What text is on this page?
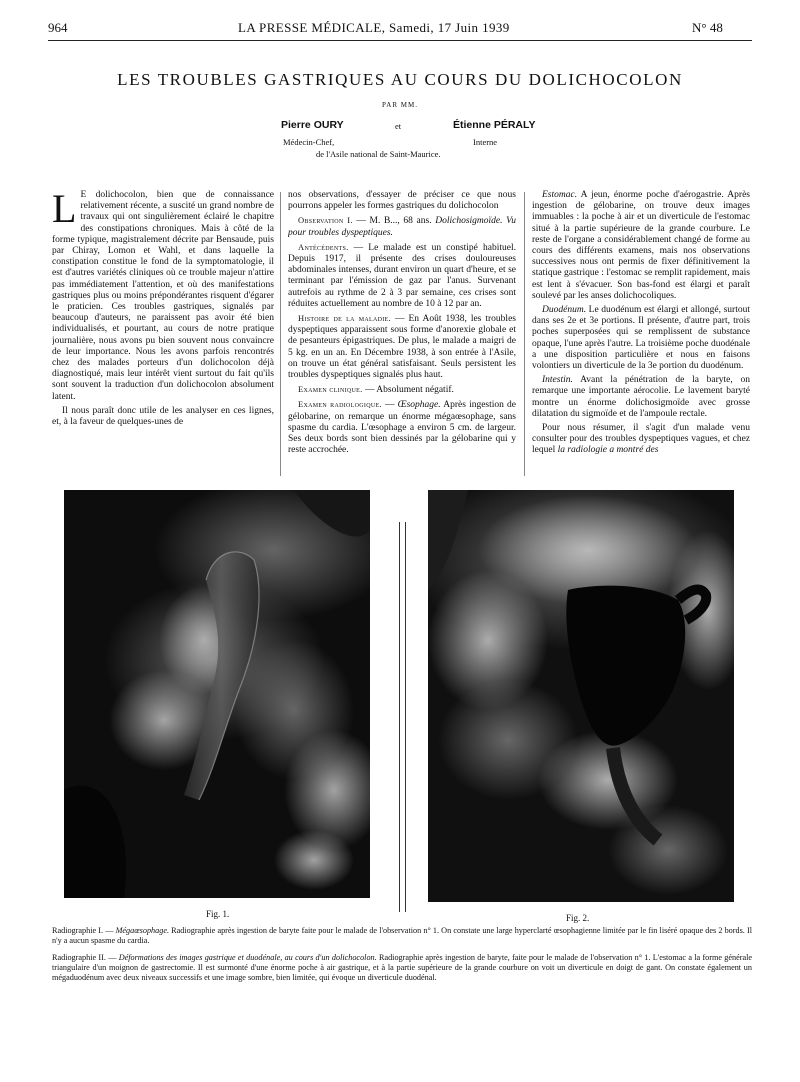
964	LA PRESSE MÉDICALE, Samedi, 17 Juin 1939	N° 48
LES TROUBLES GASTRIQUES AU COURS DU DOLICHOCOLON
PAR MM.
Pierre OURY	et	Étienne PÉRALY
Médecin-Chef,	Interne
de l'Asile national de Saint-Maurice.

L E dolichocolon, bien que de connaissance relativement récente, a suscité un grand nombre de travaux qui ont singulièrement éclairé le chapitre des constipations chroniques. Mais à côté de la forme typique, magistralement décrite par Bensaude, puis par Chiray, Lomon et Wahl, et dans laquelle la constipation constitue le fond de la symptomatologie, il est d'autres variétés cliniques où ce trouble majeur n'attire pas immédiatement l'attention, et où des manifestations gastriques plus ou moins prépondérantes risquent d'égarer le praticien. Ces troubles gastriques, signalés par beaucoup d'auteurs, ne paraissent pas avoir été bien individualisés, et pourtant, au cours de notre pratique journalière, nous avons pu bien souvent nous convaincre de leur importance. Nous les avons parfois rencontrés chez des malades porteurs d'un dolichocolon déjà diagnostiqué, mais leur intérêt vient surtout du fait qu'ils sont souvent la traduction d'un dolichocolon absolument latent.

Il nous paraît donc utile de les analyser en ces lignes, et, à la faveur de quelques-unes de

nos observations, d'essayer de préciser ce que nous pourrons appeler les formes gastriques du dolichocolon

Observation I. — M. B..., 68 ans. Dolichosigmoïde. Vu pour troubles dyspeptiques.

Antécédents. — Le malade est un constipé habituel. Depuis 1917, il présente des crises douloureuses abdominales intenses, durant environ un quart d'heure, et se terminant par l'émission de gaz par l'anus. Survenant autrefois au rythme de 2 à 3 par semaine, ces crises sont réduites actuellement au nombre de 10 à 12 par an.

Histoire de la maladie. — En Août 1938, les troubles dyspeptiques apparaissent sous forme d'anorexie globale et de pesanteurs épigastriques. De plus, le malade a maigri de 5 kg. en un an. En Décembre 1938, à son entrée à l'Asile, on trouve un état général satisfaisant. Seuls persistent les troubles dyspeptiques signalés plus haut.

Examen clinique. — Absolument négatif.

Examen radiologique. — Œsophage. Après ingestion de gélobarine, on remarque un énorme mégaœsophage, sans spasme du cardia. L'œsophage a environ 5 cm. de largeur. Ses deux bords sont bien dessinés par la gélobarine qui y reste accrochée.

Estomac. A jeun, énorme poche d'aérogastrie. Après ingestion de gélobarine, on trouve deux images immuables : la poche à air et un diverticule de l'estomac situé à la partie supérieure de la grande courbure. Le reste de l'organe a considérablement changé de forme au cours des différents examens, mais nos observations successives nous ont permis de fixer définitivement la statique gastrique : l'estomac se remplit rapidement, mais est lent à s'évacuer. Son bas-fond est élargi et paraît soulevé par les anses dolichocoliques.

Duodénum. Le duodénum est élargi et allongé, surtout dans ses 2e et 3e portions. Il présente, d'autre part, trois poches superposées qui se remplissent de substance opaque, l'une après l'autre. La troisième poche duodénale a une disposition particulière et nous en faisons volontiers un diverticule de la 3e portion du duodénum.

Intestin. Avant la pénétration de la baryte, on remarque une importante aérocolie. Le lavement baryté montre un énorme dolichosigmoïde avec grosse dilatation du sigmoïde et de l'ampoule rectale.

Pour nous résumer, il s'agit d'un malade venu consulter pour des troubles dyspeptiques vagues, et chez lequel la radiologie a montré des

Fig. 1.	Fig. 2.
Radiographie I. — Mégaœsophage. Radiographie après ingestion de baryte faite pour le malade de l'observation n° 1. On constate une large hyperclarté œsophagienne limitée par le fin liséré opaque des 2 bords. Il n'y a aucun spasme du cardia.
Radiographie II. — Déformations des images gastrique et duodénale, au cours d'un dolichocolon. Radiographie après ingestion de baryte, faite pour le malade de l'observation n° 1. L'estomac a la forme générale triangulaire d'un moignon de gastrectomie. Il est surmonté d'une énorme poche à air gastrique, et à la partie supérieure de la grande courbure on voit un diverticule en doigt de gant. On constate également un mégaduodénum avec deux niveaux successifs et une image sombre, bien limitée, qui évoque un diverticule duodénal.
